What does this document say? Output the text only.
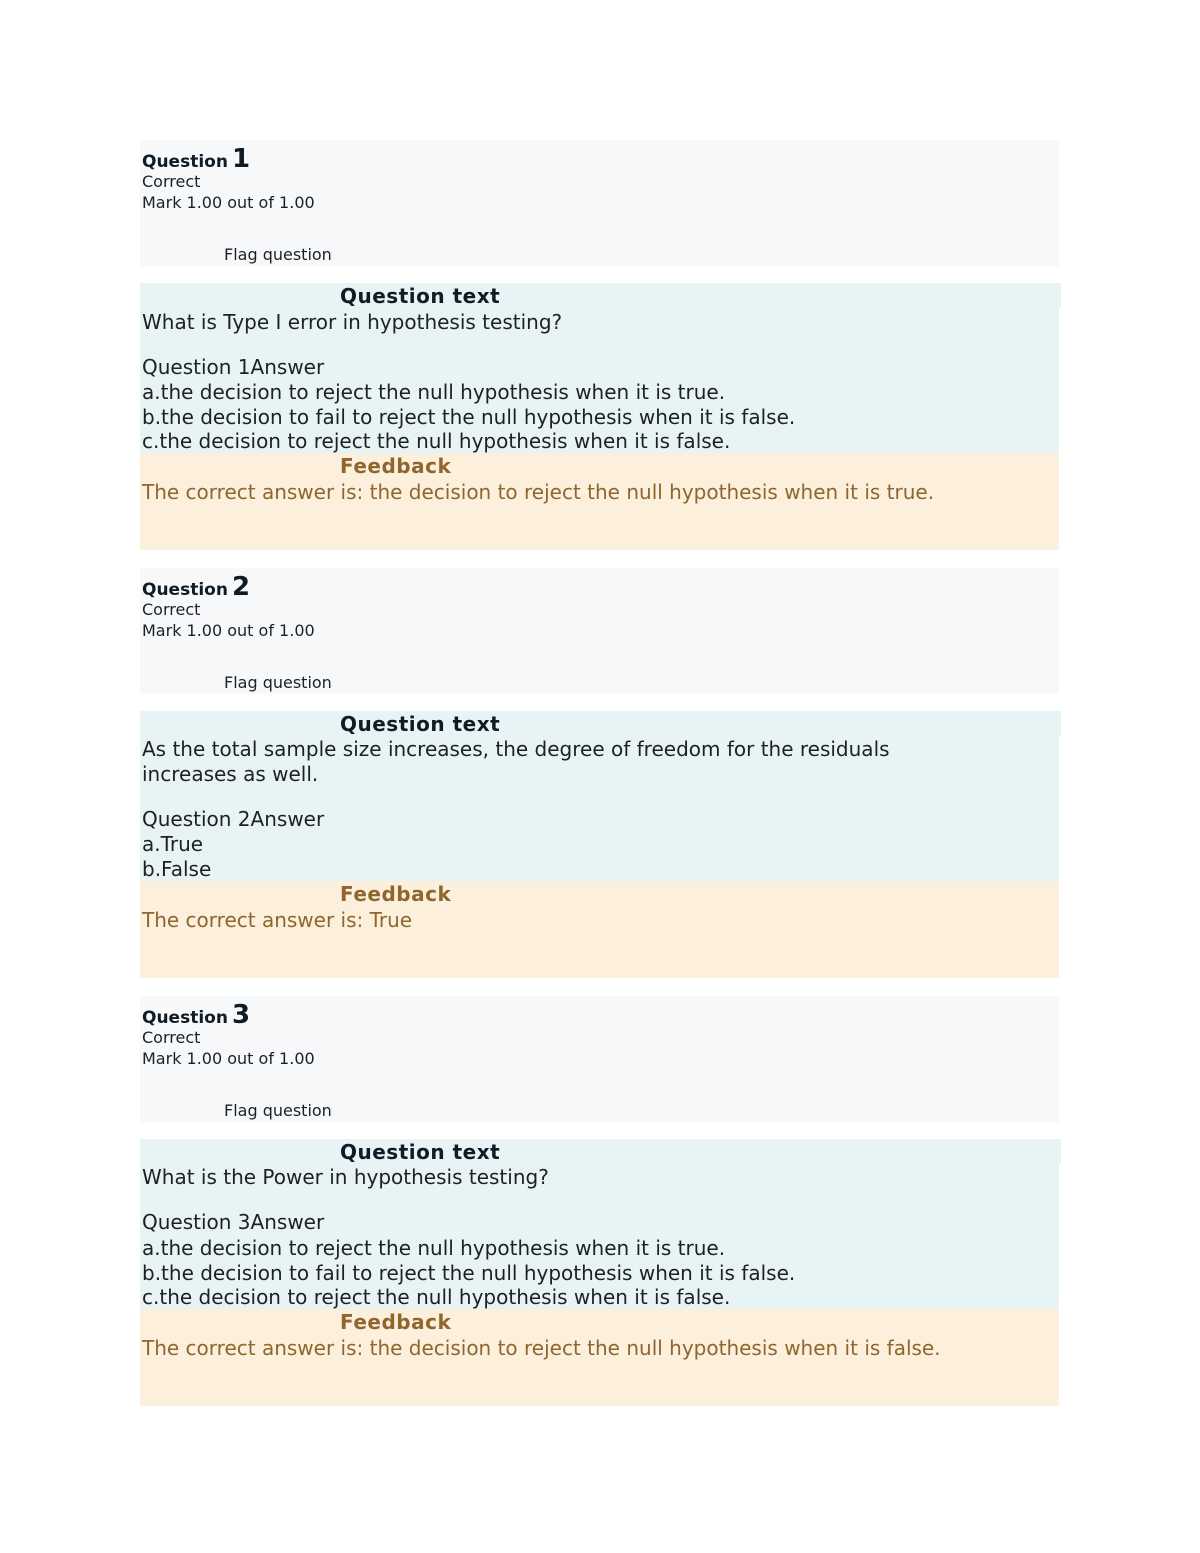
Question 1
Correct
Mark 1.00 out of 1.00
Flag question
Question text
What is Type I error in hypothesis testing?
Question 1Answer
a.the decision to reject the null hypothesis when it is true.
b.the decision to fail to reject the null hypothesis when it is false.
c.the decision to reject the null hypothesis when it is false.
Feedback
The correct answer is: the decision to reject the null hypothesis when it is true.
Question 2
Correct
Mark 1.00 out of 1.00
Flag question
Question text
As the total sample size increases, the degree of freedom for the residuals increases as well.
Question 2Answer
a.True
b.False
Feedback
The correct answer is: True
Question 3
Correct
Mark 1.00 out of 1.00
Flag question
Question text
What is the Power in hypothesis testing?
Question 3Answer
a.the decision to reject the null hypothesis when it is true.
b.the decision to fail to reject the null hypothesis when it is false.
c.the decision to reject the null hypothesis when it is false.
Feedback
The correct answer is: the decision to reject the null hypothesis when it is false.
